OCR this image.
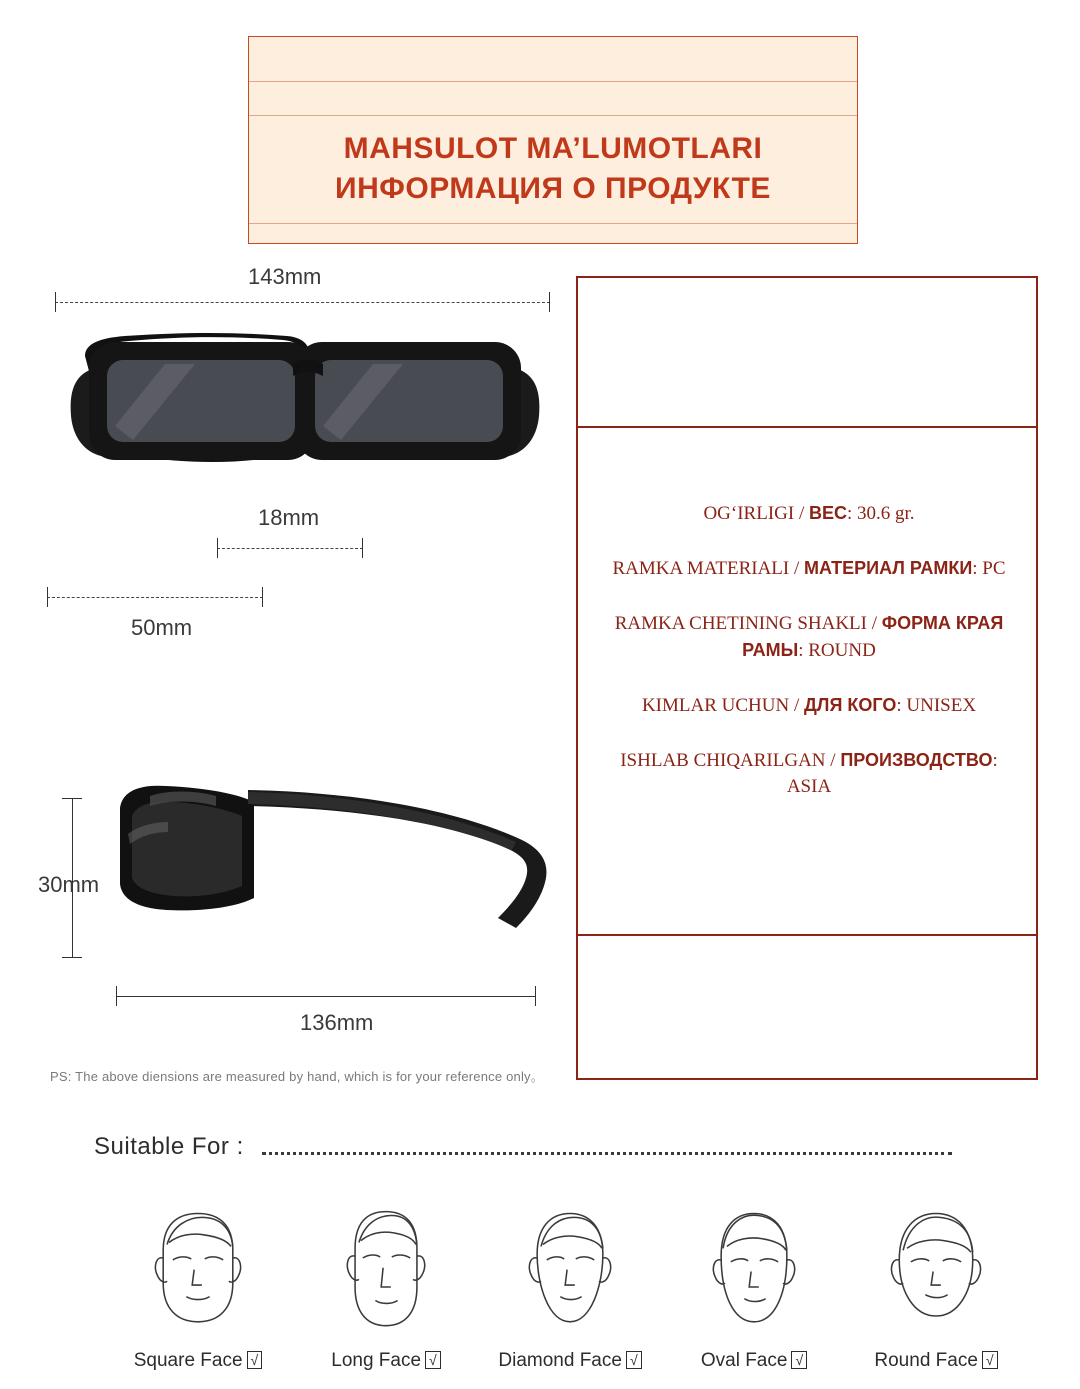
MAHSULOT MA’LUMOTLARI
ИНФОРМАЦИЯ О ПРОДУКТЕ
143mm
18mm
50mm
30mm
136mm
PS: The above diensions are measured by hand, which is for your reference only。
OG‘IRLIGI / ВЕС: 30.6 gr.
RAMKA MATERIALI / МАТЕРИАЛ РАМКИ: PC
RAMKA CHETINING SHAKLI / ФОРМА КРАЯ РАМЫ: ROUND
KIMLAR UCHUN / ДЛЯ КОГО: UNISEX
ISHLAB CHIQARILGAN / ПРОИЗВОДСТВО: ASIA
Suitable For :
Square Face √	Long Face √	Diamond Face √	Oval Face √	Round Face √
